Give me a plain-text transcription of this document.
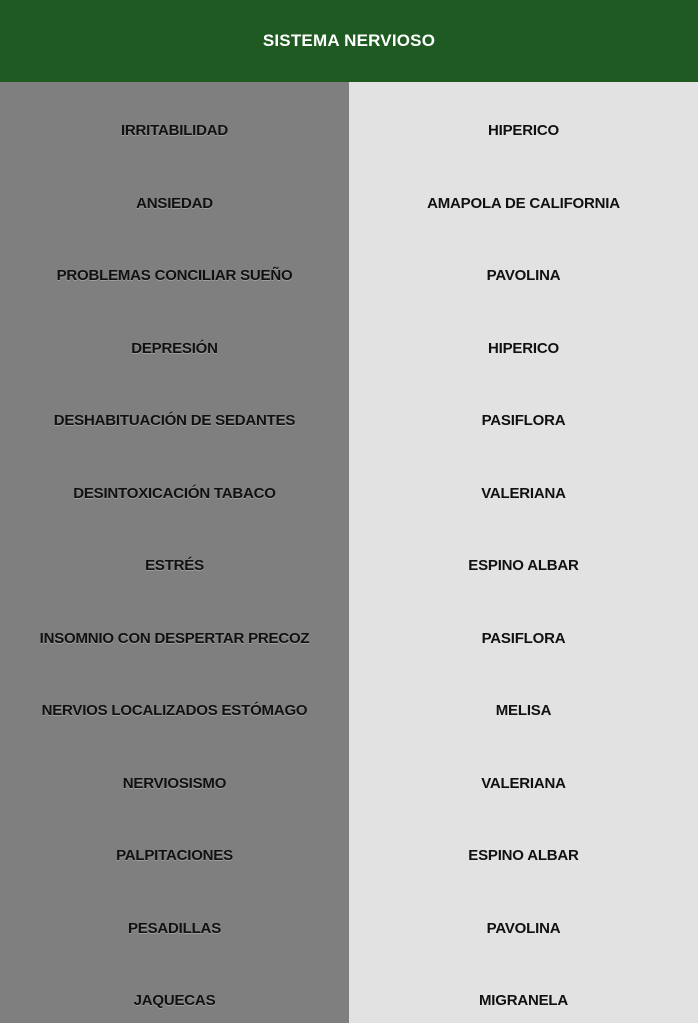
SISTEMA NERVIOSO
IRRITABILIDAD
ANSIEDAD
PROBLEMAS CONCILIAR SUEÑO
DEPRESIÓN
DESHABITUACIÓN DE SEDANTES
DESINTOXICACIÓN TABACO
ESTRÉS
INSOMNIO CON DESPERTAR PRECOZ
NERVIOS LOCALIZADOS ESTÓMAGO
NERVIOSISMO
PALPITACIONES
PESADILLAS
JAQUECAS
HIPERICO
AMAPOLA DE CALIFORNIA
PAVOLINA
HIPERICO
PASIFLORA
VALERIANA
ESPINO ALBAR
PASIFLORA
MELISA
VALERIANA
ESPINO ALBAR
PAVOLINA
MIGRANELA
